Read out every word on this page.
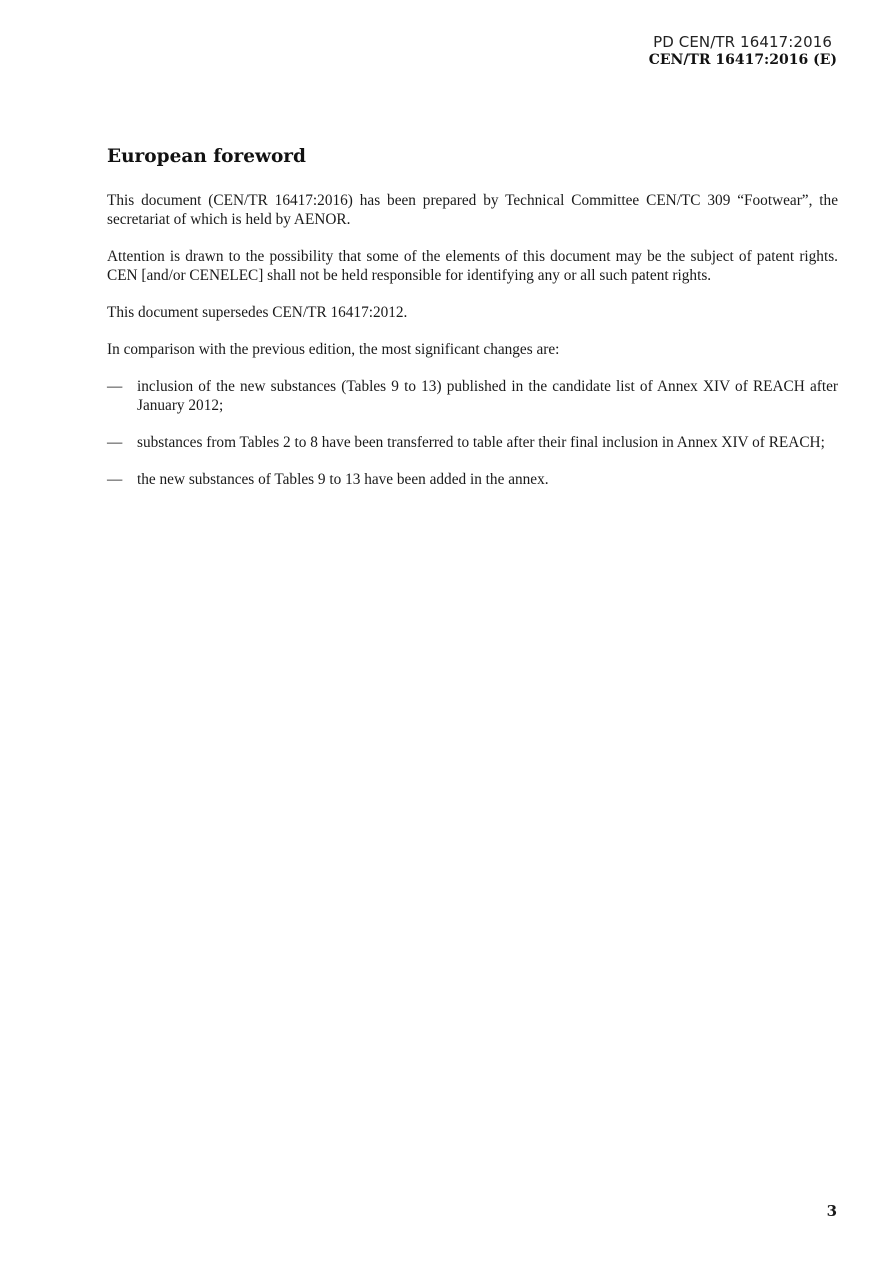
PD CEN/TR 16417:2016
CEN/TR 16417:2016 (E)
European foreword

This document (CEN/TR 16417:2016) has been prepared by Technical Committee CEN/TC 309 “Footwear”, the secretariat of which is held by AENOR.

Attention is drawn to the possibility that some of the elements of this document may be the subject of patent rights. CEN [and/or CENELEC] shall not be held responsible for identifying any or all such patent rights.

This document supersedes CEN/TR 16417:2012.

In comparison with the previous edition, the most significant changes are:

— inclusion of the new substances (Tables 9 to 13) published in the candidate list of Annex XIV of REACH after January 2012;
— substances from Tables 2 to 8 have been transferred to table after their final inclusion in Annex XIV of REACH;
— the new substances of Tables 9 to 13 have been added in the annex.
3
